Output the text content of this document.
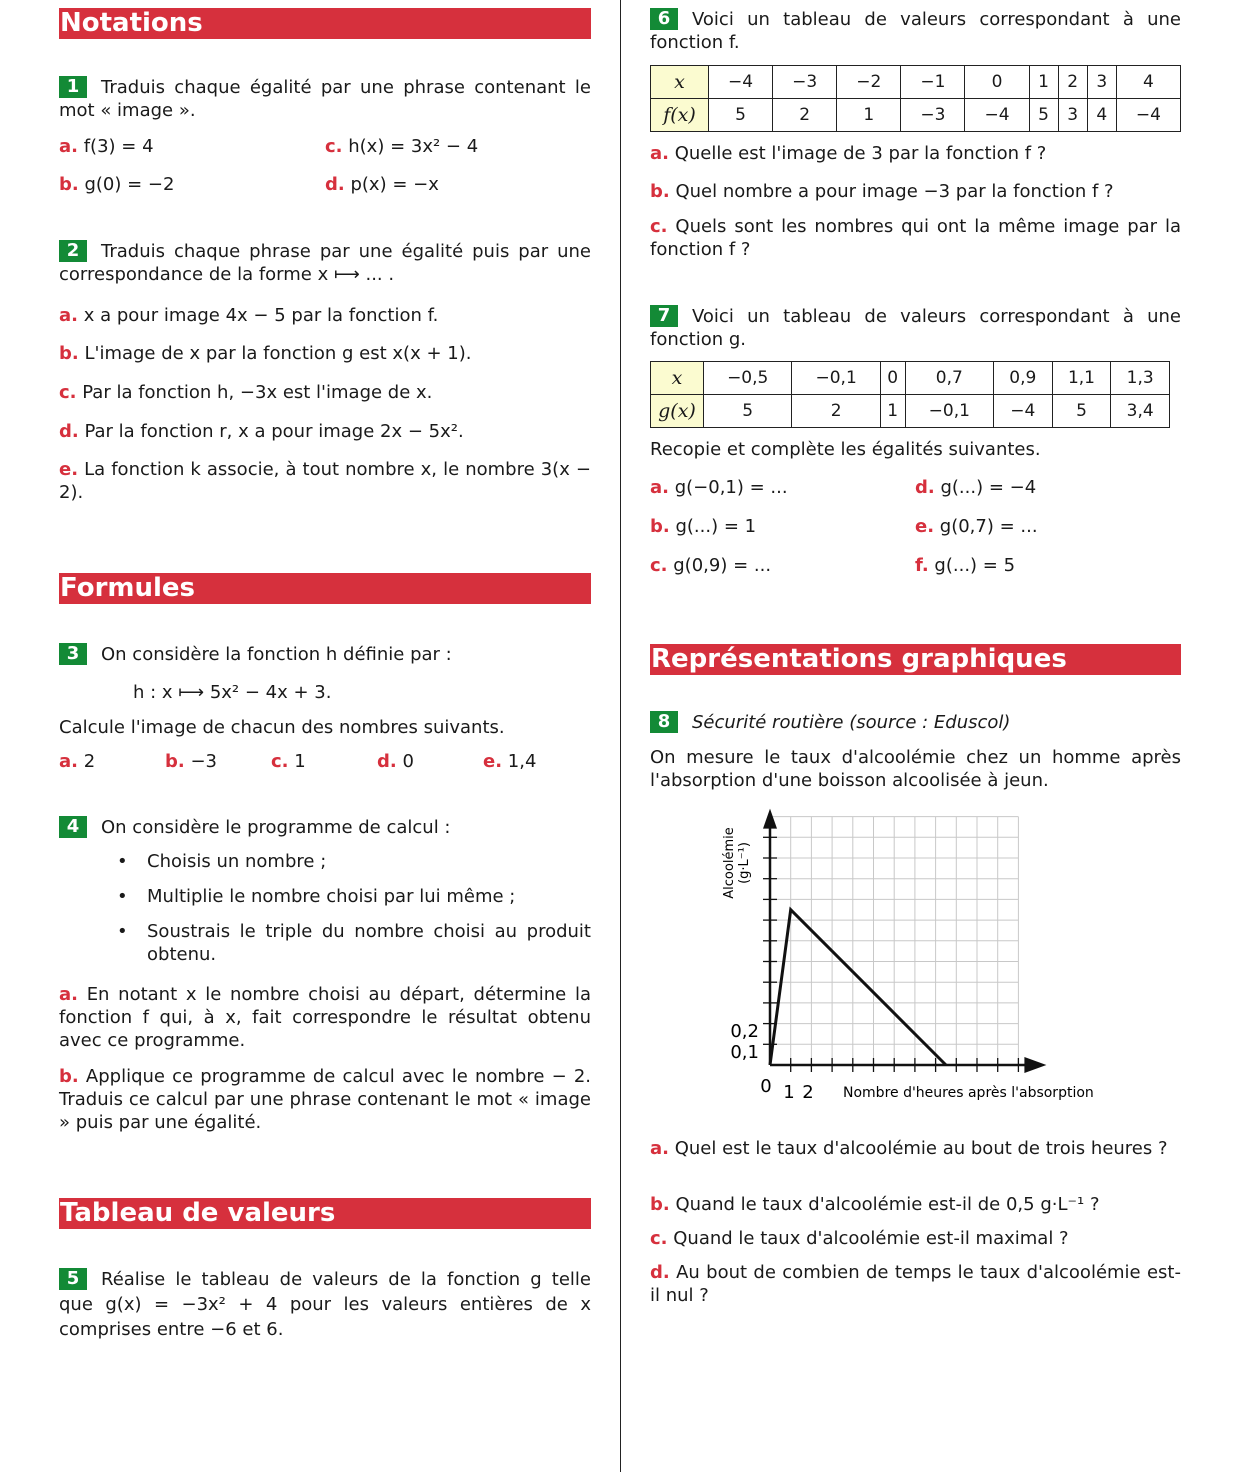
Notations

1 Traduis chaque égalité par une phrase contenant le mot « image ».

a. f(3) = 4	c. h(x) = 3x² − 4
b. g(0) = −2	d. p(x) = −x

2 Traduis chaque phrase par une égalité puis par une correspondance de la forme x ⟼ ... .

a. x a pour image 4x − 5 par la fonction f.

b. L'image de x par la fonction g est x(x + 1).

c. Par la fonction h, −3x est l'image de x.

d. Par la fonction r, x a pour image 2x − 5x².

e. La fonction k associe, à tout nombre x, le nombre 3(x − 2).

Formules

3 On considère la fonction h définie par :

h : x ⟼ 5x² − 4x + 3.

Calcule l'image de chacun des nombres suivants.

a. 2	b. −3	c. 1	d. 0	e. 1,4

4 On considère le programme de calcul :

• Choisis un nombre ;
• Multiplie le nombre choisi par lui même ;
• Soustrais le triple du nombre choisi au produit obtenu.

a. En notant x le nombre choisi au départ, détermine la fonction f qui, à x, fait correspondre le résultat obtenu avec ce programme.

b. Applique ce programme de calcul avec le nombre − 2. Traduis ce calcul par une phrase contenant le mot « image » puis par une égalité.

Tableau de valeurs

5 Réalise le tableau de valeurs de la fonction g telle que g(x) = −3x² + 4 pour les valeurs entières de x comprises entre −6 et 6.

6 Voici un tableau de valeurs correspondant à une fonction f.

x	−4	−3	−2	−1	0	1	2	3	4
f(x)	5	2	1	−3	−4	5	3	4	−4

a. Quelle est l'image de 3 par la fonction f ?

b. Quel nombre a pour image −3 par la fonction f ?

c. Quels sont les nombres qui ont la même image par la fonction f ?

7 Voici un tableau de valeurs correspondant à une fonction g.

x	−0,5	−0,1	0	0,7	0,9	1,1	1,3
g(x)	5	2	1	−0,1	−4	5	3,4

Recopie et complète les égalités suivantes.

a. g(−0,1) = ...	d. g(...) = −4
b. g(...) = 1	e. g(0,7) = ...
c. g(0,9) = ...	f. g(...) = 5
Représentations graphiques

8 Sécurité routière (source : Eduscol)

On mesure le taux d'alcoolémie chez un homme après l'absorption d'une boisson alcoolisée à jeun.

a. Quel est le taux d'alcoolémie au bout de trois heures ?

b. Quand le taux d'alcoolémie est-il de 0,5 g·L⁻¹ ?

c. Quand le taux d'alcoolémie est-il maximal ?

d. Au bout de combien de temps le taux d'alcoolémie est-il nul ?

Alcoolémie (g·L⁻¹)
Nombre d'heures après l'absorption
0 1 2
0,1
0,2
